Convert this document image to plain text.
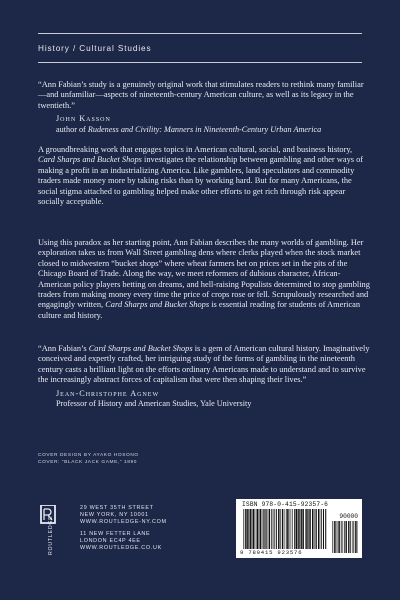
History / Cultural Studies

“Ann Fabian’s study is a genuinely original work that stimulates readers to rethink many familiar—and unfamiliar—aspects of nineteenth-century American culture, as well as its legacy in the twentieth.”

John Kasson
author of Rudeness and Civility: Manners in Nineteenth-Century Urban America
A groundbreaking work that engages topics in American cultural, social, and business history, Card Sharps and Bucket Shops investigates the relationship between gambling and other ways of making a profit in an industrializing America. Like gamblers, land speculators and commodity traders made money more by taking risks than by working hard. But for many Americans, the social stigma attached to gambling helped make other efforts to get rich through risk appear socially acceptable.
Using this paradox as her starting point, Ann Fabian describes the many worlds of gambling. Her exploration takes us from Wall Street gambling dens where clerks played when the stock market closed to midwestern “bucket shops” where wheat farmers bet on prices set in the pits of the Chicago Board of Trade. Along the way, we meet reformers of dubious character, African-American policy players betting on dreams, and hell-raising Populists determined to stop gambling traders from making money every time the price of crops rose or fell. Scrupulously researched and engagingly written, Card Sharps and Bucket Shops is essential reading for students of American culture and history.

“Ann Fabian’s Card Sharps and Bucket Shops is a gem of American cultural history. Imaginatively conceived and expertly crafted, her intriguing study of the forms of gambling in the nineteenth century casts a brilliant light on the efforts ordinary Americans made to understand and to survive the increasingly abstract forces of capitalism that were then shaping their lives.”

Jean-Christophe Agnew
Professor of History and American Studies, Yale University
COVER DESIGN BY AYAKO HOSONO
COVER: “BLACK JACK GAME,” 1890
ROUTLEDGE
29 WEST 35TH STREET
NEW YORK, NY 10001
WWW.ROUTLEDGE-NY.COM
11 NEW FETTER LANE
LONDON EC4P 4EE
WWW.ROUTLEDGE.CO.UK
ISBN 978-0-415-92357-6
90000
9 780415 923576
